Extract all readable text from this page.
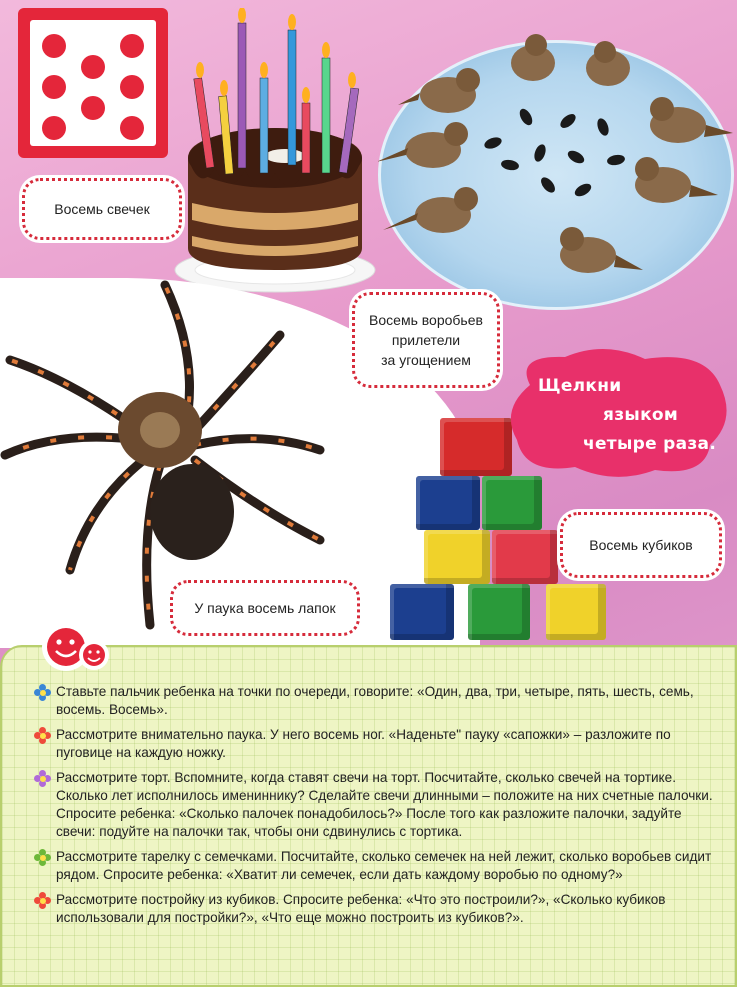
Восемь свечек
Восемь воробьев
прилетели
за угощением
Восемь кубиков
У паука восемь лапок
Щелкни
языком
четыре раза.
Ставьте пальчик ребенка на точки по очереди, говорите: «Один, два, три, четыре, пять, шесть, семь, восемь. Восемь».
Рассмотрите внимательно паука. У него восемь ног. «Наденьте" пауку «сапожки» – разложите по пуговице на каждую ножку.
Рассмотрите торт. Вспомните, когда ставят свечи на торт. Посчитайте, сколько свечей на тортике. Сколько лет исполнилось имениннику? Сделайте свечи длинными – положите на них счетные палочки. Спросите ребенка: «Сколько палочек понадобилось?» После того как разложите палочки, задуйте свечи: подуйте на палочки так, чтобы они сдвинулись с тортика.
Рассмотрите тарелку с семечками. Посчитайте, сколько семечек на ней лежит, сколько воробьев сидит рядом. Спросите ребенка: «Хватит ли семечек, если дать каждому воробью по одному?»
Рассмотрите постройку из кубиков. Спросите ребенка: «Что это построили?», «Сколько кубиков использовали для постройки?», «Что еще можно построить из кубиков?».
